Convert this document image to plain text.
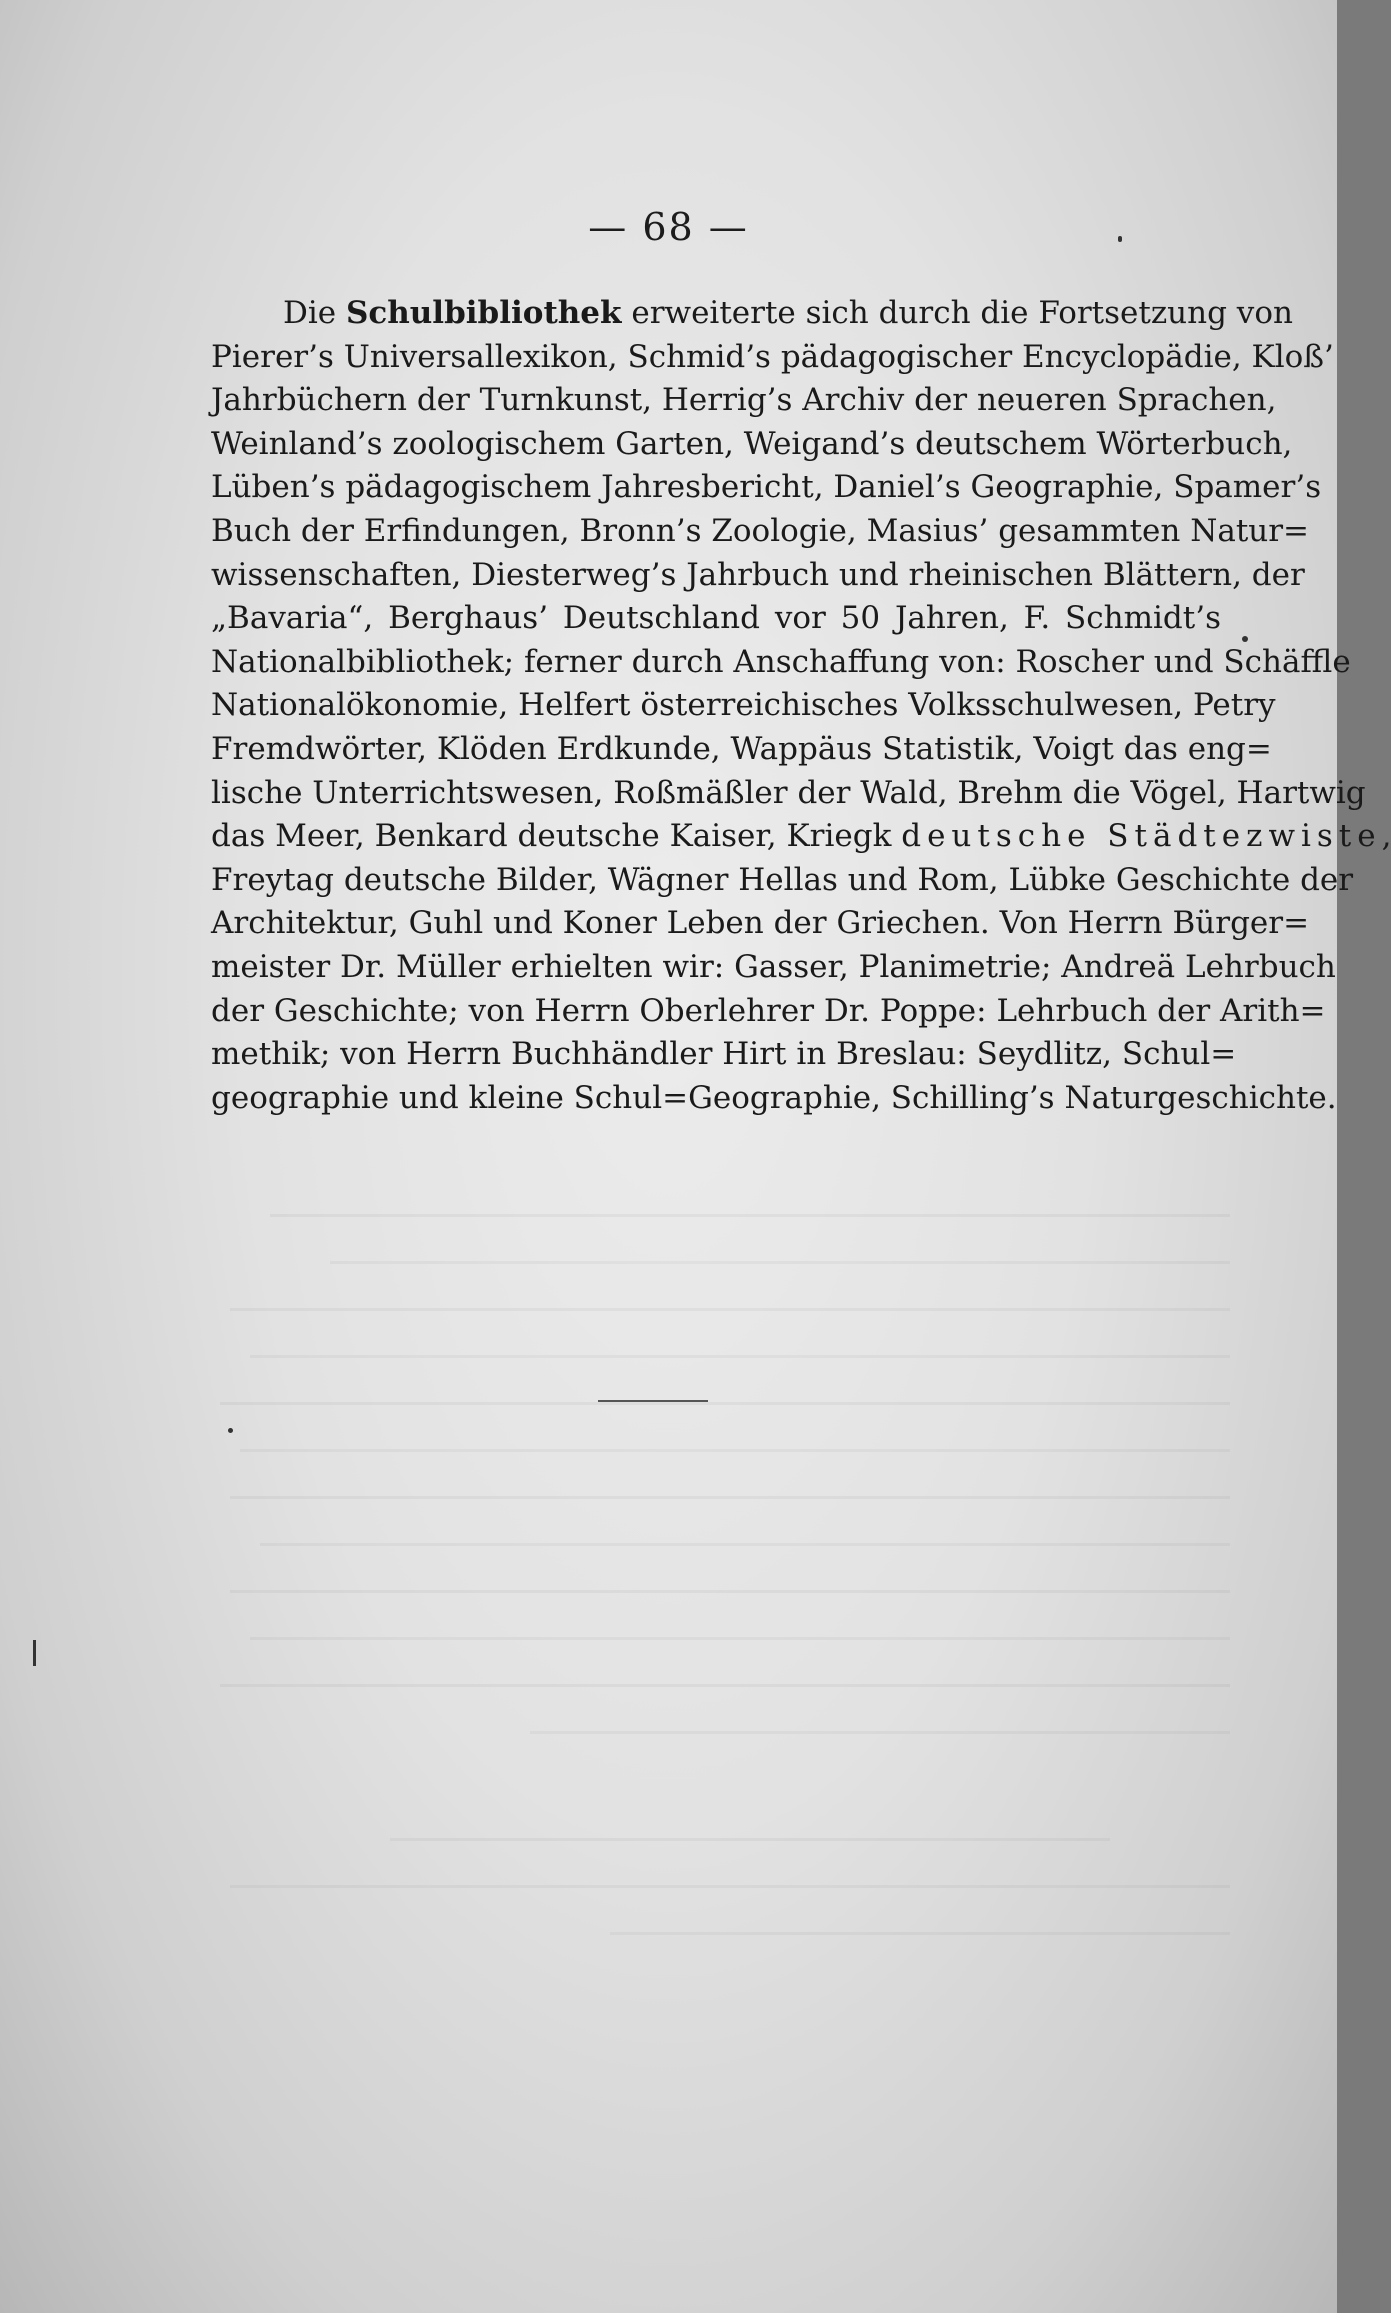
— 68 —
Die Schulbibliothek erweiterte sich durch die Fortsetzung von
Pierer’s Universallexikon, Schmid’s pädagogischer Encyclopädie, Kloß’
Jahrbüchern der Turnkunst, Herrig’s Archiv der neueren Sprachen,
Weinland’s zoologischem Garten, Weigand’s deutschem Wörterbuch,
Lüben’s pädagogischem Jahresbericht, Daniel’s Geographie, Spamer’s
Buch der Erfindungen, Bronn’s Zoologie, Masius’ gesammten Natur=
wissenschaften, Diesterweg’s Jahrbuch und rheinischen Blättern, der
„Bavaria“, Berghaus’ Deutschland vor 50 Jahren, F. Schmidt’s
Nationalbibliothek; ferner durch Anschaffung von: Roscher und Schäffle
Nationalökonomie, Helfert österreichisches Volksschulwesen, Petry
Fremdwörter, Klöden Erdkunde, Wappäus Statistik, Voigt das eng=
lische Unterrichtswesen, Roßmäßler der Wald, Brehm die Vögel, Hartwig
das Meer, Benkard deutsche Kaiser, Kriegk deutsche Städtezwiste,
Freytag deutsche Bilder, Wägner Hellas und Rom, Lübke Geschichte der
Architektur, Guhl und Koner Leben der Griechen. Von Herrn Bürger=
meister Dr. Müller erhielten wir: Gasser, Planimetrie; Andreä Lehrbuch
der Geschichte; von Herrn Oberlehrer Dr. Poppe: Lehrbuch der Arith=
methik; von Herrn Buchhändler Hirt in Breslau: Seydlitz, Schul=
geographie und kleine Schul=Geographie, Schilling’s Naturgeschichte.
